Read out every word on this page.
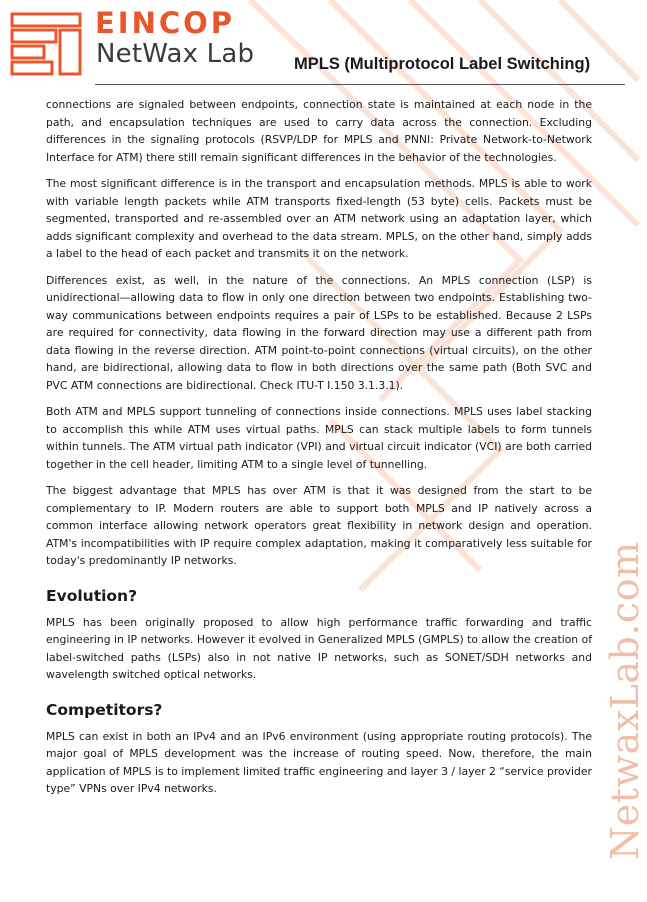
EINCOP
NetWax Lab MPLS (Multiprotocol Label Switching)

connections are signaled between endpoints, connection state is maintained at each node in the path, and encapsulation techniques are used to carry data across the connection. Excluding differences in the signaling protocols (RSVP/LDP for MPLS and PNNI: Private Network-to-Network Interface for ATM) there still remain significant differences in the behavior of the technologies.

The most significant difference is in the transport and encapsulation methods. MPLS is able to work with variable length packets while ATM transports fixed-length (53 byte) cells. Packets must be segmented, transported and re-assembled over an ATM network using an adaptation layer, which adds significant complexity and overhead to the data stream. MPLS, on the other hand, simply adds a label to the head of each packet and transmits it on the network.

Differences exist, as well, in the nature of the connections. An MPLS connection (LSP) is unidirectional—allowing data to flow in only one direction between two endpoints. Establishing two-way communications between endpoints requires a pair of LSPs to be established. Because 2 LSPs are required for connectivity, data flowing in the forward direction may use a different path from data flowing in the reverse direction. ATM point-to-point connections (virtual circuits), on the other hand, are bidirectional, allowing data to flow in both directions over the same path (Both SVC and PVC ATM connections are bidirectional. Check ITU-T I.150 3.1.3.1).

Both ATM and MPLS support tunneling of connections inside connections. MPLS uses label stacking to accomplish this while ATM uses virtual paths. MPLS can stack multiple labels to form tunnels within tunnels. The ATM virtual path indicator (VPI) and virtual circuit indicator (VCI) are both carried together in the cell header, limiting ATM to a single level of tunnelling.

The biggest advantage that MPLS has over ATM is that it was designed from the start to be complementary to IP. Modern routers are able to support both MPLS and IP natively across a common interface allowing network operators great flexibility in network design and operation. ATM's incompatibilities with IP require complex adaptation, making it comparatively less suitable for today's predominantly IP networks.

Evolution?

MPLS has been originally proposed to allow high performance traffic forwarding and traffic engineering in IP networks. However it evolved in Generalized MPLS (GMPLS) to allow the creation of label-switched paths (LSPs) also in not native IP networks, such as SONET/SDH networks and wavelength switched optical networks.

Competitors?

MPLS can exist in both an IPv4 and an IPv6 environment (using appropriate routing protocols). The major goal of MPLS development was the increase of routing speed. Now, therefore, the main application of MPLS is to implement limited traffic engineering and layer 3 / layer 2 “service provider type” VPNs over IPv4 networks.	NetwaxLab.com
